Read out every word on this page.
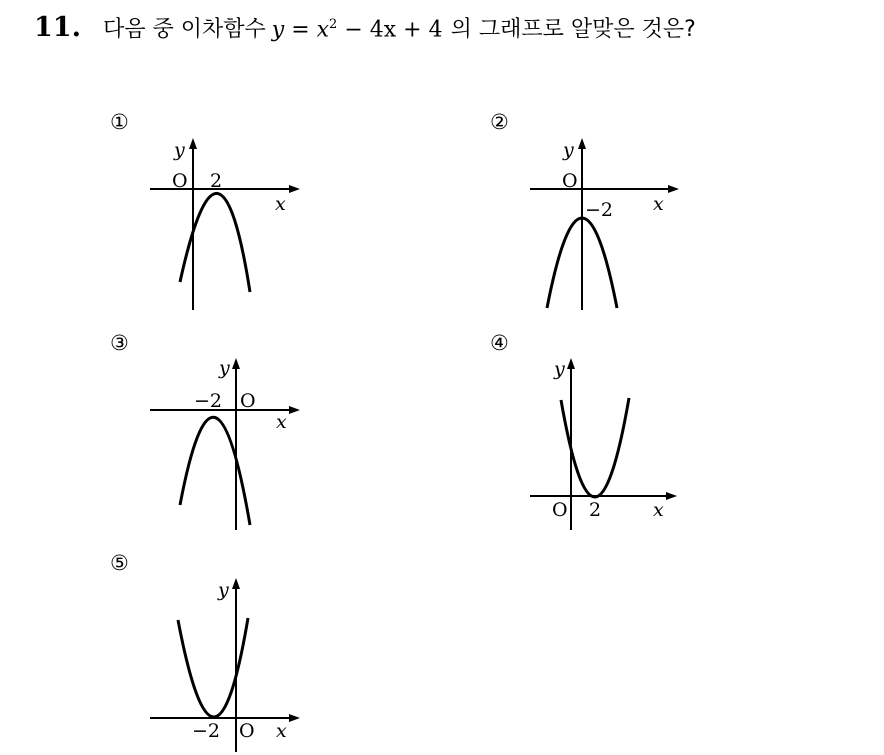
11. 다음 중 이차함수 $y = x^2 - 4x + 4$ 의 그래프로 알맞은 것은?
①
y
x
O 2
②
y
x
O
−2
③
y
x
O
−2
④
y
x
O 2
⑤
y
x
O
−2
